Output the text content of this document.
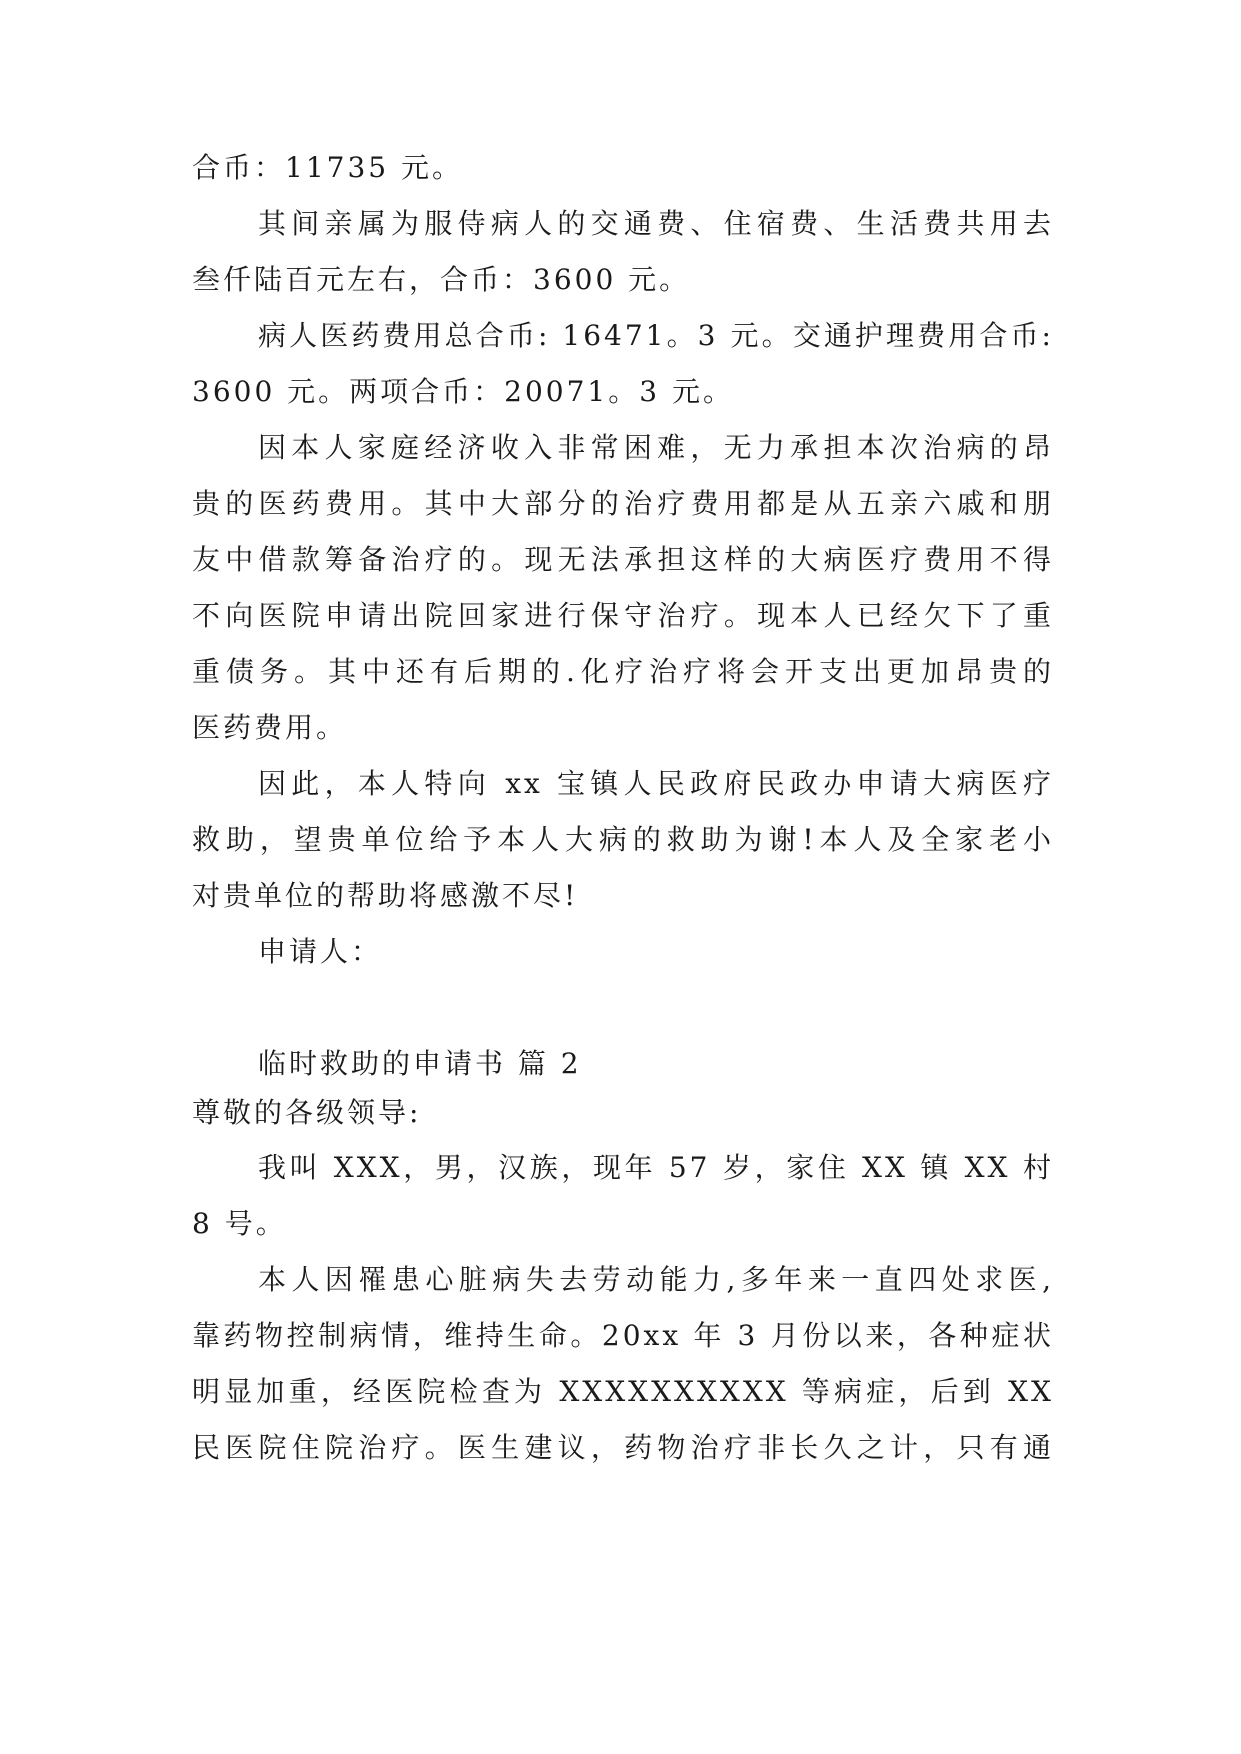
合币：11735 元。
其间亲属为服侍病人的交通费、住宿费、生活费共用去
叁仟陆百元左右，合币：3600 元。
病人医药费用总合币: 16471。3 元。交通护理费用合币:
3600 元。两项合币：20071。3 元。
因本人家庭经济收入非常困难，无力承担本次治病的昂
贵的医药费用。其中大部分的治疗费用都是从五亲六戚和朋
友中借款筹备治疗的。现无法承担这样的大病医疗费用不得
不向医院申请出院回家进行保守治疗。现本人已经欠下了重
重债务。其中还有后期的.化疗治疗将会开支出更加昂贵的
医药费用。
因此，本人特向 xx 宝镇人民政府民政办申请大病医疗
救助，望贵单位给予本人大病的救助为谢!本人及全家老小
对贵单位的帮助将感激不尽!
申请人：
临时救助的申请书 篇 2
尊敬的各级领导:
我叫 XXX，男，汉族，现年 57 岁，家住 XX 镇 XX 村
8 号。
本人因罹患心脏病失去劳动能力,多年来一直四处求医,
靠药物控制病情，维持生命。20xx 年 3 月份以来，各种症状
明显加重，经医院检查为 XXXXXXXXXX 等病症，后到 XX
民医院住院治疗。医生建议，药物治疗非长久之计，只有通
